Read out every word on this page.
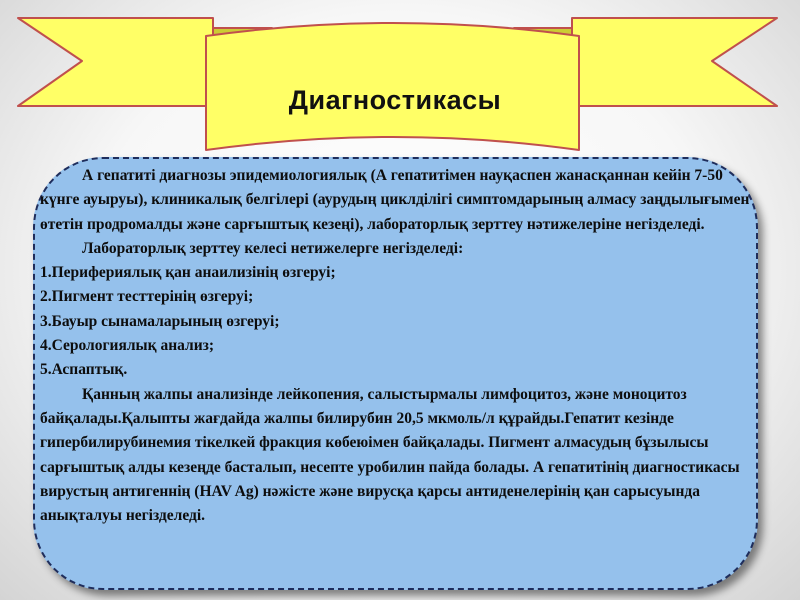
Диагностикасы

А гепатиті диагнозы эпидемиологиялық (А гепатитімен науқаспен жанасқаннан кейін 7-50 күнге ауыруы), клиникалық белгілері (аурудың циклділігі симптомдарының алмасу заңдылығымен өтетін продромалды және сарғыштық кезеңі), лабораторлық зерттеу нәтижелеріне негізделеді.

Лабораторлық зерттеу келесі нетижелерге негізделеді:

1.Перифериялық қан анаилизінің өзгеруі;
2.Пигмент тесттерінің өзгеруі;
3.Бауыр сынамаларының өзгеруі;
4.Серологиялық анализ;
5.Аспаптық.

Қанның жалпы анализінде лейкопения, салыстырмалы лимфоцитоз, және моноцитоз байқалады.Қалыпты жағдайда жалпы билирубин 20,5 мкмоль/л құрайды.Гепатит кезінде гипербилирубинемия тікелкей фракция көбеюімен байқалады. Пигмент алмасудың бұзылысы сарғыштық алды кезеңде басталып, несепте уробилин пайда болады. А гепатитінің диагностикасы вирустың антигеннің (HAV Ag) нәжісте және вирусқа қарсы антиденелерінің қан сарысуында анықталуы негізделеді.
